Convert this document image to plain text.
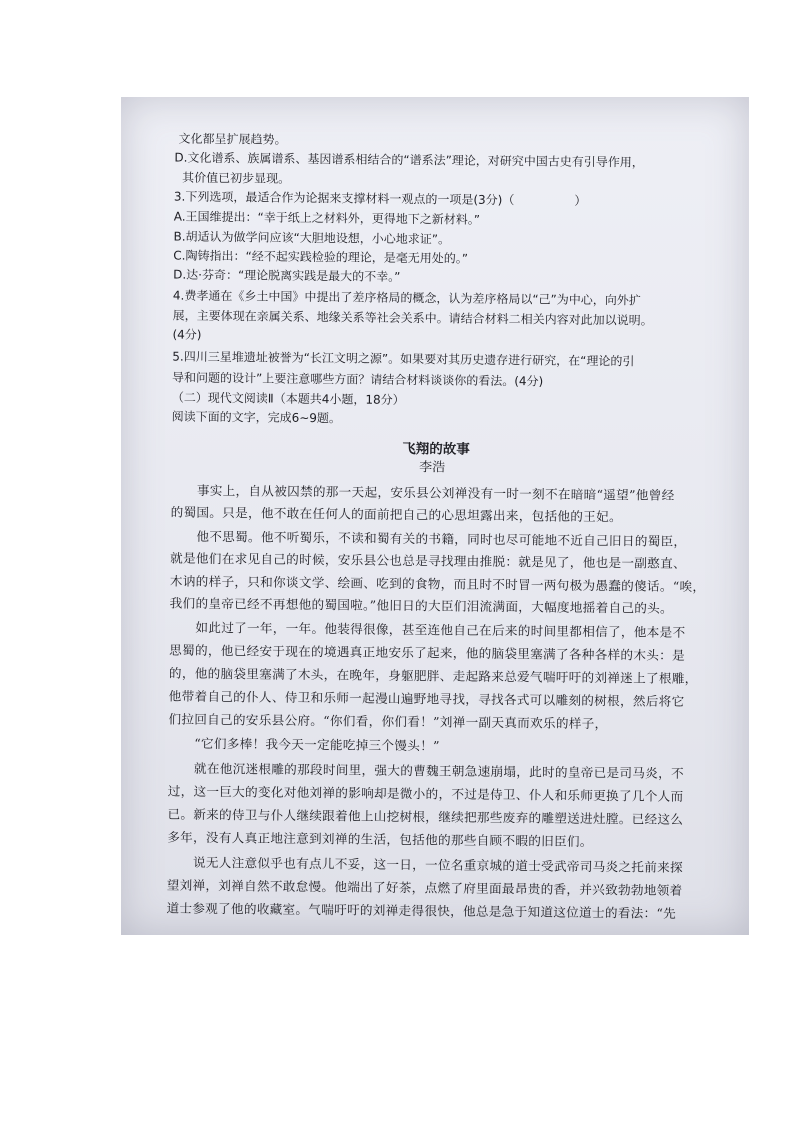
文化都呈扩展趋势。
D.文化谱系、族属谱系、基因谱系相结合的“谱系法”理论，对研究中国古史有引导作用，
其价值已初步显现。
3.下列选项，最适合作为论据来支撑材料一观点的一项是(3分)（	）
A.王国维提出：“幸于纸上之材料外，更得地下之新材料。”
B.胡适认为做学问应该“大胆地设想，小心地求证”。
C.陶铸指出：“经不起实践检验的理论，是毫无用处的。”
D.达·芬奇：“理论脱离实践是最大的不幸。”
4.费孝通在《乡土中国》中提出了差序格局的概念，认为差序格局以“己”为中心，向外扩
展，主要体现在亲属关系、地缘关系等社会关系中。请结合材料二相关内容对此加以说明。
(4分)
5.四川三星堆遗址被誉为“长江文明之源”。如果要对其历史遗存进行研究，在“理论的引
导和问题的设计”上要注意哪些方面？请结合材料谈谈你的看法。(4分)
（二）现代文阅读Ⅱ（本题共4小题，18分）
阅读下面的文字，完成6~9题。
飞翔的故事
李浩
事实上，自从被囚禁的那一天起，安乐县公刘禅没有一时一刻不在暗暗“遥望”他曾经
的蜀国。只是，他不敢在任何人的面前把自己的心思坦露出来，包括他的王妃。
他不思蜀。他不听蜀乐，不读和蜀有关的书籍，同时也尽可能地不近自己旧日的蜀臣，
就是他们在求见自己的时候，安乐县公也总是寻找理由推脱：就是见了，他也是一副憨直、
木讷的样子，只和你谈文学、绘画、吃到的食物，而且时不时冒一两句极为愚蠢的傻话。“唉，
我们的皇帝已经不再想他的蜀国啦。”他旧日的大臣们泪流满面，大幅度地摇着自己的头。
如此过了一年，一年。他装得很像，甚至连他自己在后来的时间里都相信了，他本是不
思蜀的，他已经安于现在的境遇真正地安乐了起来，他的脑袋里塞满了各种各样的木头：是
的，他的脑袋里塞满了木头，在晚年，身躯肥胖、走起路来总爱气喘吁吁的刘禅迷上了根雕，
他带着自己的仆人、侍卫和乐师一起漫山遍野地寻找，寻找各式可以雕刻的树根，然后将它
们拉回自己的安乐县公府。“你们看，你们看！”刘禅一副天真而欢乐的样子，
“它们多棒！我今天一定能吃掉三个馒头！”
就在他沉迷根雕的那段时间里，强大的曹魏王朝急速崩塌，此时的皇帝已是司马炎，不
过，这一巨大的变化对他刘禅的影响却是微小的，不过是侍卫、仆人和乐师更换了几个人而
已。新来的侍卫与仆人继续跟着他上山挖树根，继续把那些废弃的雕塑送进灶膛。已经这么
多年，没有人真正地注意到刘禅的生活，包括他的那些自顾不暇的旧臣们。
说无人注意似乎也有点儿不妥，这一日，一位名重京城的道士受武帝司马炎之托前来探
望刘禅，刘禅自然不敢怠慢。他端出了好茶，点燃了府里面最昂贵的香，并兴致勃勃地领着
道士参观了他的收藏室。气喘吁吁的刘禅走得很快，他总是急于知道这位道士的看法：“先
